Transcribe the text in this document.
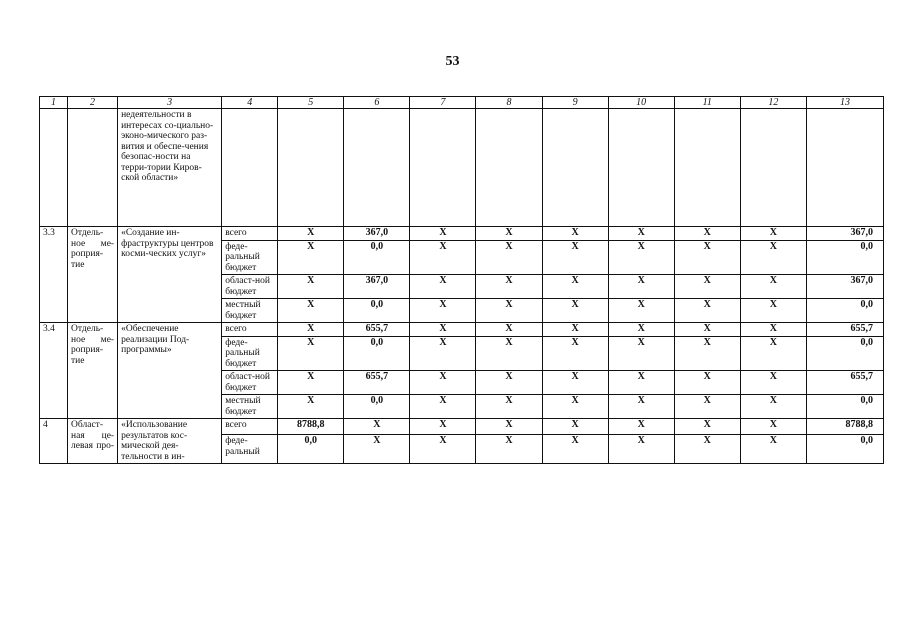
53
1	2	3	4	5	6	7	8	9	10	11	12	13
		недеятельности в интересах со-циально-эконо-мического раз-вития и обеспе-чения безопас-ности на терри-тории Киров-ской области»										
3.3	Отдель-ное ме-роприя-тие	«Создание ин-фраструктуры центров косми-ческих услуг»	всего	X	367,0	X	X	X	X	X	X	367,0
			феде-ральный бюджет	X	0,0	X	X	X	X	X	X	0,0
			област-ной бюджет	X	367,0	X	X	X	X	X	X	367,0
			местный бюджет	X	0,0	X	X	X	X	X	X	0,0
3.4	Отдель-ное ме-роприя-тие	«Обеспечение реализации Под-программы»	всего	X	655,7	X	X	X	X	X	X	655,7
			феде-ральный бюджет	X	0,0	X	X	X	X	X	X	0,0
			област-ной бюджет	X	655,7	X	X	X	X	X	X	655,7
			местный бюджет	X	0,0	X	X	X	X	X	X	0,0
4	Област-ная це-левая про-	«Использование результатов кос-мической дея-тельности в ин-	всего	8788,8	X	X	X	X	X	X	X	8788,8
			феде-ральный	0,0	X	X	X	X	X	X	X	0,0
